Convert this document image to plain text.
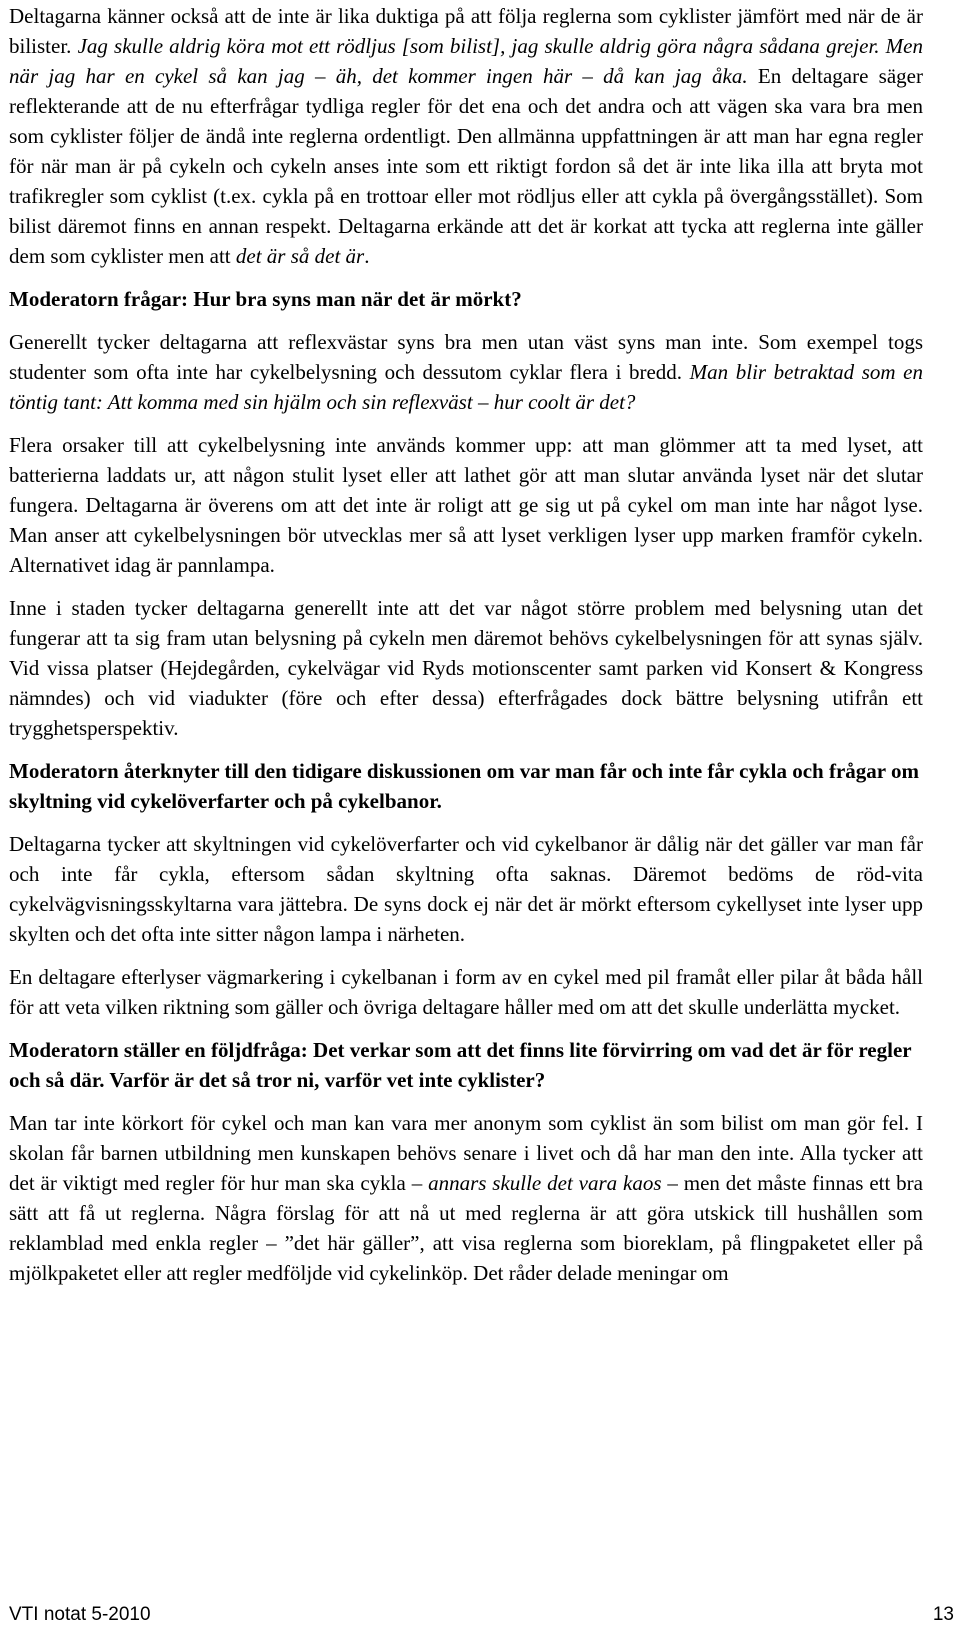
Deltagarna känner också att de inte är lika duktiga på att följa reglerna som cyklister jämfört med när de är bilister. Jag skulle aldrig köra mot ett rödljus [som bilist], jag skulle aldrig göra några sådana grejer. Men när jag har en cykel så kan jag – äh, det kommer ingen här – då kan jag åka. En deltagare säger reflekterande att de nu efterfrågar tydliga regler för det ena och det andra och att vägen ska vara bra men som cyklister följer de ändå inte reglerna ordentligt. Den allmänna uppfattningen är att man har egna regler för när man är på cykeln och cykeln anses inte som ett riktigt fordon så det är inte lika illa att bryta mot trafikregler som cyklist (t.ex. cykla på en trottoar eller mot rödljus eller att cykla på övergångsstället). Som bilist däremot finns en annan respekt. Deltagarna erkände att det är korkat att tycka att reglerna inte gäller dem som cyklister men att det är så det är.

Moderatorn frågar: Hur bra syns man när det är mörkt?

Generellt tycker deltagarna att reflexvästar syns bra men utan väst syns man inte. Som exempel togs studenter som ofta inte har cykelbelysning och dessutom cyklar flera i bredd. Man blir betraktad som en töntig tant: Att komma med sin hjälm och sin reflexväst – hur coolt är det?

Flera orsaker till att cykelbelysning inte används kommer upp: att man glömmer att ta med lyset, att batterierna laddats ur, att någon stulit lyset eller att lathet gör att man slutar använda lyset när det slutar fungera. Deltagarna är överens om att det inte är roligt att ge sig ut på cykel om man inte har något lyse. Man anser att cykelbelysningen bör utvecklas mer så att lyset verkligen lyser upp marken framför cykeln. Alternativet idag är pannlampa.

Inne i staden tycker deltagarna generellt inte att det var något större problem med belysning utan det fungerar att ta sig fram utan belysning på cykeln men däremot behövs cykelbelysningen för att synas själv. Vid vissa platser (Hejdegården, cykelvägar vid Ryds motionscenter samt parken vid Konsert & Kongress nämndes) och vid viadukter (före och efter dessa) efterfrågades dock bättre belysning utifrån ett trygghetsperspektiv.

Moderatorn återknyter till den tidigare diskussionen om var man får och inte får cykla och frågar om skyltning vid cykelöverfarter och på cykelbanor.

Deltagarna tycker att skyltningen vid cykelöverfarter och vid cykelbanor är dålig när det gäller var man får och inte får cykla, eftersom sådan skyltning ofta saknas. Däremot bedöms de röd-vita cykelvägvisningsskyltarna vara jättebra. De syns dock ej när det är mörkt eftersom cykellyset inte lyser upp skylten och det ofta inte sitter någon lampa i närheten.

En deltagare efterlyser vägmarkering i cykelbanan i form av en cykel med pil framåt eller pilar åt båda håll för att veta vilken riktning som gäller och övriga deltagare håller med om att det skulle underlätta mycket.

Moderatorn ställer en följdfråga: Det verkar som att det finns lite förvirring om vad det är för regler och så där. Varför är det så tror ni, varför vet inte cyklister?

Man tar inte körkort för cykel och man kan vara mer anonym som cyklist än som bilist om man gör fel. I skolan får barnen utbildning men kunskapen behövs senare i livet och då har man den inte. Alla tycker att det är viktigt med regler för hur man ska cykla – annars skulle det vara kaos – men det måste finnas ett bra sätt att få ut reglerna. Några förslag för att nå ut med reglerna är att göra utskick till hushållen som reklamblad med enkla regler – ”det här gäller”, att visa reglerna som bioreklam, på flingpaketet eller på mjölkpaketet eller att regler medföljde vid cykelinköp. Det råder delade meningar om

VTI notat 5-2010	13
